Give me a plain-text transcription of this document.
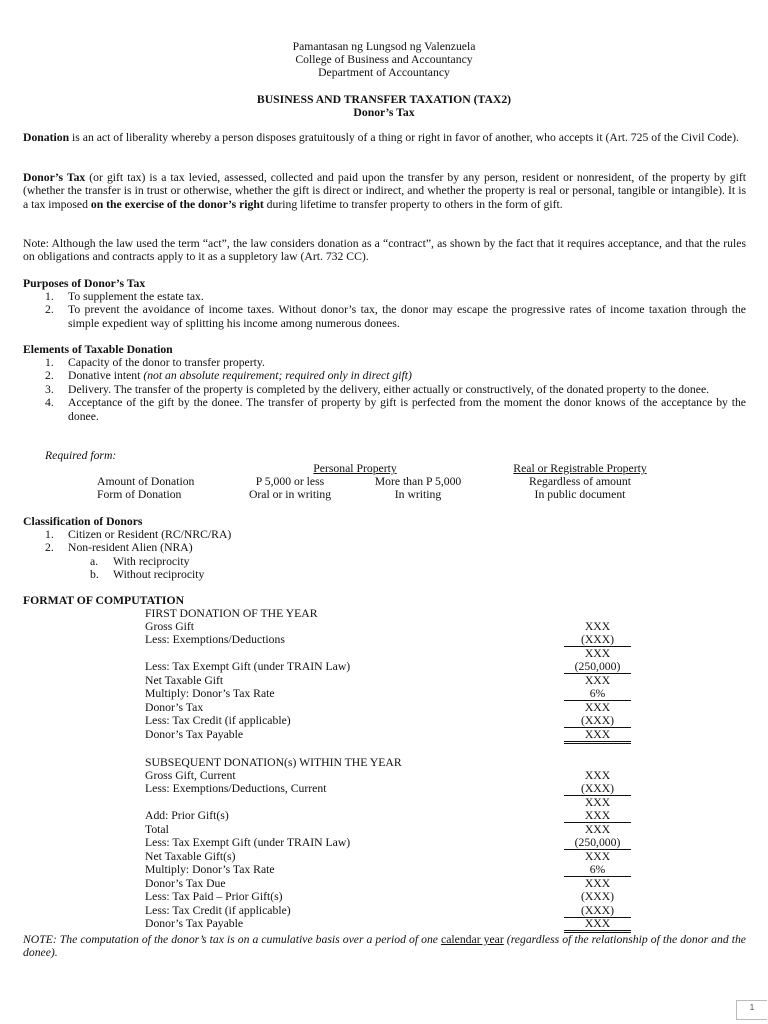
Pamantasan ng Lungsod ng Valenzuela
College of Business and Accountancy
Department of Accountancy
BUSINESS AND TRANSFER TAXATION (TAX2)
Donor’s Tax
Donation is an act of liberality whereby a person disposes gratuitously of a thing or right in favor of another, who accepts it (Art. 725 of the Civil Code).
Donor’s Tax (or gift tax) is a tax levied, assessed, collected and paid upon the transfer by any person, resident or nonresident, of the property by gift (whether the transfer is in trust or otherwise, whether the gift is direct or indirect, and whether the property is real or personal, tangible or intangible). It is a tax imposed on the exercise of the donor’s right during lifetime to transfer property to others in the form of gift.
Note: Although the law used the term “act”, the law considers donation as a “contract”, as shown by the fact that it requires acceptance, and that the rules on obligations and contracts apply to it as a suppletory law (Art. 732 CC).
Purposes of Donor’s Tax
1. To supplement the estate tax.
2. To prevent the avoidance of income taxes. Without donor’s tax, the donor may escape the progressive rates of income taxation through the simple expedient way of splitting his income among numerous donees.
Elements of Taxable Donation
1. Capacity of the donor to transfer property.
2. Donative intent (not an absolute requirement; required only in direct gift)
3. Delivery. The transfer of the property is completed by the delivery, either actually or constructively, of the donated property to the donee.
4. Acceptance of the gift by the donee. The transfer of property by gift is perfected from the moment the donor knows of the acceptance by the donee.
Required form:
Personal Property	Real or Registrable Property
Amount of Donation	P 5,000 or less	More than P 5,000	Regardless of amount
Form of Donation	Oral or in writing	In writing	In public document
Classification of Donors
1. Citizen or Resident (RC/NRC/RA)
2. Non-resident Alien (NRA)
a. With reciprocity
b. Without reciprocity
FORMAT OF COMPUTATION
FIRST DONATION OF THE YEAR
Gross Gift	XXX
Less: Exemptions/Deductions	(XXX)
XXX
Less: Tax Exempt Gift (under TRAIN Law)	(250,000)
Net Taxable Gift	XXX
Multiply: Donor’s Tax Rate	6%
Donor’s Tax	XXX
Less: Tax Credit (if applicable)	(XXX)
Donor’s Tax Payable	XXX
SUBSEQUENT DONATION(s) WITHIN THE YEAR
Gross Gift, Current	XXX
Less: Exemptions/Deductions, Current	(XXX)
XXX
Add: Prior Gift(s)	XXX
Total	XXX
Less: Tax Exempt Gift (under TRAIN Law)	(250,000)
Net Taxable Gift(s)	XXX
Multiply: Donor’s Tax Rate	6%
Donor’s Tax Due	XXX
Less: Tax Paid – Prior Gift(s)	(XXX)
Less: Tax Credit (if applicable)	(XXX)
Donor’s Tax Payable	XXX
NOTE: The computation of the donor’s tax is on a cumulative basis over a period of one calendar year (regardless of the relationship of the donor and the donee).
1
